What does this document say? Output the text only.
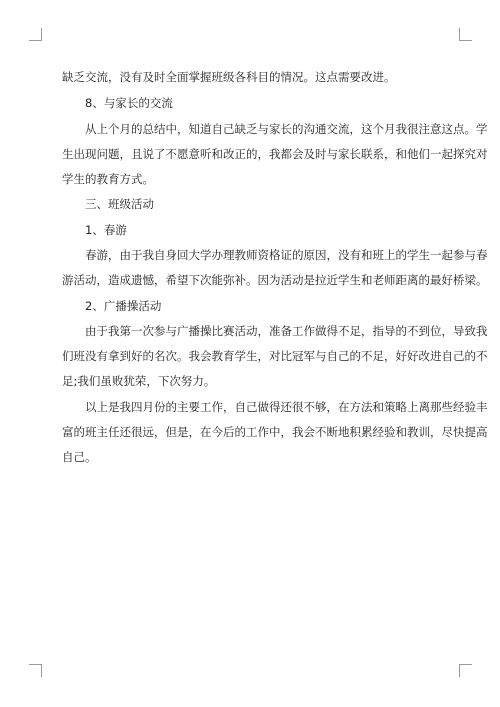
缺乏交流，没有及时全面掌握班级各科目的情况。这点需要改进。
8、与家长的交流
从上个月的总结中，知道自己缺乏与家长的沟通交流，这个月我很注意这点。学
生出现问题，且说了不愿意听和改正的，我都会及时与家长联系，和他们一起探究对
学生的教育方式。
三、班级活动
1、春游
春游，由于我自身回大学办理教师资格证的原因，没有和班上的学生一起参与春
游活动，造成遗憾，希望下次能弥补。因为活动是拉近学生和老师距离的最好桥梁。
2、广播操活动
由于我第一次参与广播操比赛活动，准备工作做得不足，指导的不到位，导致我
们班没有拿到好的名次。我会教育学生，对比冠军与自己的不足，好好改进自己的不
足;我们虽败犹荣，下次努力。
以上是我四月份的主要工作，自己做得还很不够，在方法和策略上离那些经验丰
富的班主任还很远，但是，在今后的工作中，我会不断地积累经验和教训，尽快提高
自己。
